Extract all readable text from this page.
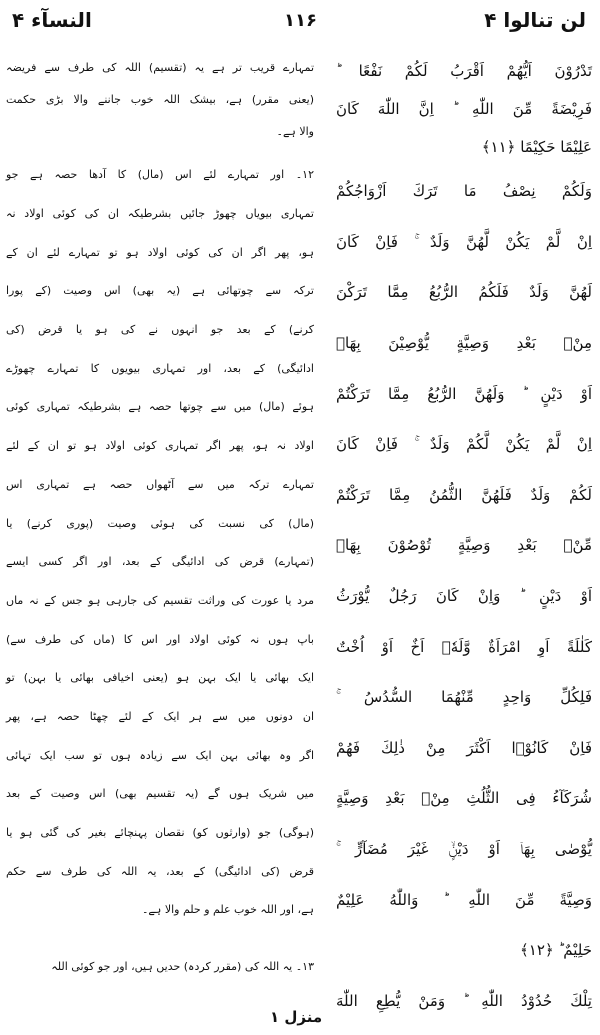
النسآء ۴	۱۱۶	لن تنالوا ۴
تمہارے قریب تر ہے یہ (تقسیم) اللہ کی طرف سے فریضہ
(یعنی مقرر) ہے، بیشک اللہ خوب جاننے والا بڑی حکمت
والا ہے۔
۱۲۔ اور تمہارے لئے اس (مال) کا آدھا حصہ ہے جو
تمہاری بیویاں چھوڑ جائیں بشرطیکہ ان کی کوئی اولاد نہ
ہو، پھر اگر ان کی کوئی اولاد ہو تو تمہارے لئے ان کے
ترکہ سے چوتھائی ہے (یہ بھی) اس وصیت (کے پورا
کرنے) کے بعد جو انہوں نے کی ہو یا قرض (کی
ادائیگی) کے بعد، اور تمہاری بیویوں کا تمہارے چھوڑے
ہوئے (مال) میں سے چوتھا حصہ ہے بشرطیکہ تمہاری کوئی
اولاد نہ ہو، پھر اگر تمہاری کوئی اولاد ہو تو ان کے لئے
تمہارے ترکہ میں سے آٹھواں حصہ ہے تمہاری اس
(مال) کی نسبت کی ہوئی وصیت (پوری کرنے) یا
(تمہارے) قرض کی ادائیگی کے بعد، اور اگر کسی ایسے
مرد یا عورت کی وراثت تقسیم کی جارہی ہو جس کے نہ ماں
باپ ہوں نہ کوئی اولاد اور اس کا (ماں کی طرف سے)
ایک بھائی یا ایک بہن ہو (یعنی اخیافی بھائی یا بہن) تو
ان دونوں میں سے ہر ایک کے لئے چھٹا حصہ ہے، پھر
اگر وہ بھائی بہن ایک سے زیادہ ہوں تو سب ایک تہائی
میں شریک ہوں گے (یہ تقسیم بھی) اس وصیت کے بعد
(ہوگی) جو (وارثوں کو) نقصان پہنچائے بغیر کی گئی ہو یا
قرض (کی ادائیگی) کے بعد، یہ اللہ کی طرف سے حکم
ہے، اور اللہ خوب علم و حلم والا ہے۔
۱۳۔ یہ اللہ کی (مقرر کردہ) حدیں ہیں، اور جو کوئی اللہ
تَدْرُوْنَ اَيُّهُمْ اَقْرَبُ لَكُمْ نَفْعًا ؕ
فَرِيْضَةً مِّنَ اللّٰهِ ؕ اِنَّ اللّٰهَ كَانَ
عَلِيْمًا حَكِيْمًا ﴿۱۱﴾
وَلَكُمْ نِصْفُ مَا تَرَكَ اَزْوَاجُكُمْ
اِنْ لَّمْ يَكُنْ لَّهُنَّ وَلَدٌ ۚ فَاِنْ كَانَ
لَهُنَّ وَلَدٌ فَلَكُمُ الرُّبُعُ مِمَّا تَرَكْنَ
مِنْۢ بَعْدِ وَصِيَّةٍ يُّوْصِيْنَ بِهَاۤ
اَوْ دَيْنٍ ؕ وَلَهُنَّ الرُّبُعُ مِمَّا تَرَكْتُمْ
اِنْ لَّمْ يَكُنْ لَّكُمْ وَلَدٌ ۚ فَاِنْ كَانَ
لَكُمْ وَلَدٌ فَلَهُنَّ الثُّمُنُ مِمَّا تَرَكْتُمْ
مِّنْۢ بَعْدِ وَصِيَّةٍ تُوْصُوْنَ بِهَاۤ
اَوْ دَيْنٍ ؕ وَاِنْ كَانَ رَجُلٌ يُّوْرَثُ
كَلٰلَةً اَوِ امْرَاَةٌ وَّلَهٗۤ اَخٌ اَوْ اُخْتٌ
فَلِكُلِّ وَاحِدٍ مِّنْهُمَا السُّدُسُ ۚ
فَاِنْ كَانُوْۤا اَكْثَرَ مِنْ ذٰلِكَ فَهُمْ
شُرَكَآءُ فِى الثُّلُثِ مِنْۢ بَعْدِ وَصِيَّةٍ
يُّوْصٰى بِهَاۤ اَوْ دَيْنٍۙ غَيْرَ مُضَآرٍّ ۚ
وَصِيَّةً مِّنَ اللّٰهِ ؕ وَاللّٰهُ عَلِيْمٌ
حَلِيْمٌ ؕ ﴿۱۲﴾
تِلْكَ حُدُوْدُ اللّٰهِ ؕ وَمَنْ يُّطِعِ اللّٰهَ
منزل ۱
